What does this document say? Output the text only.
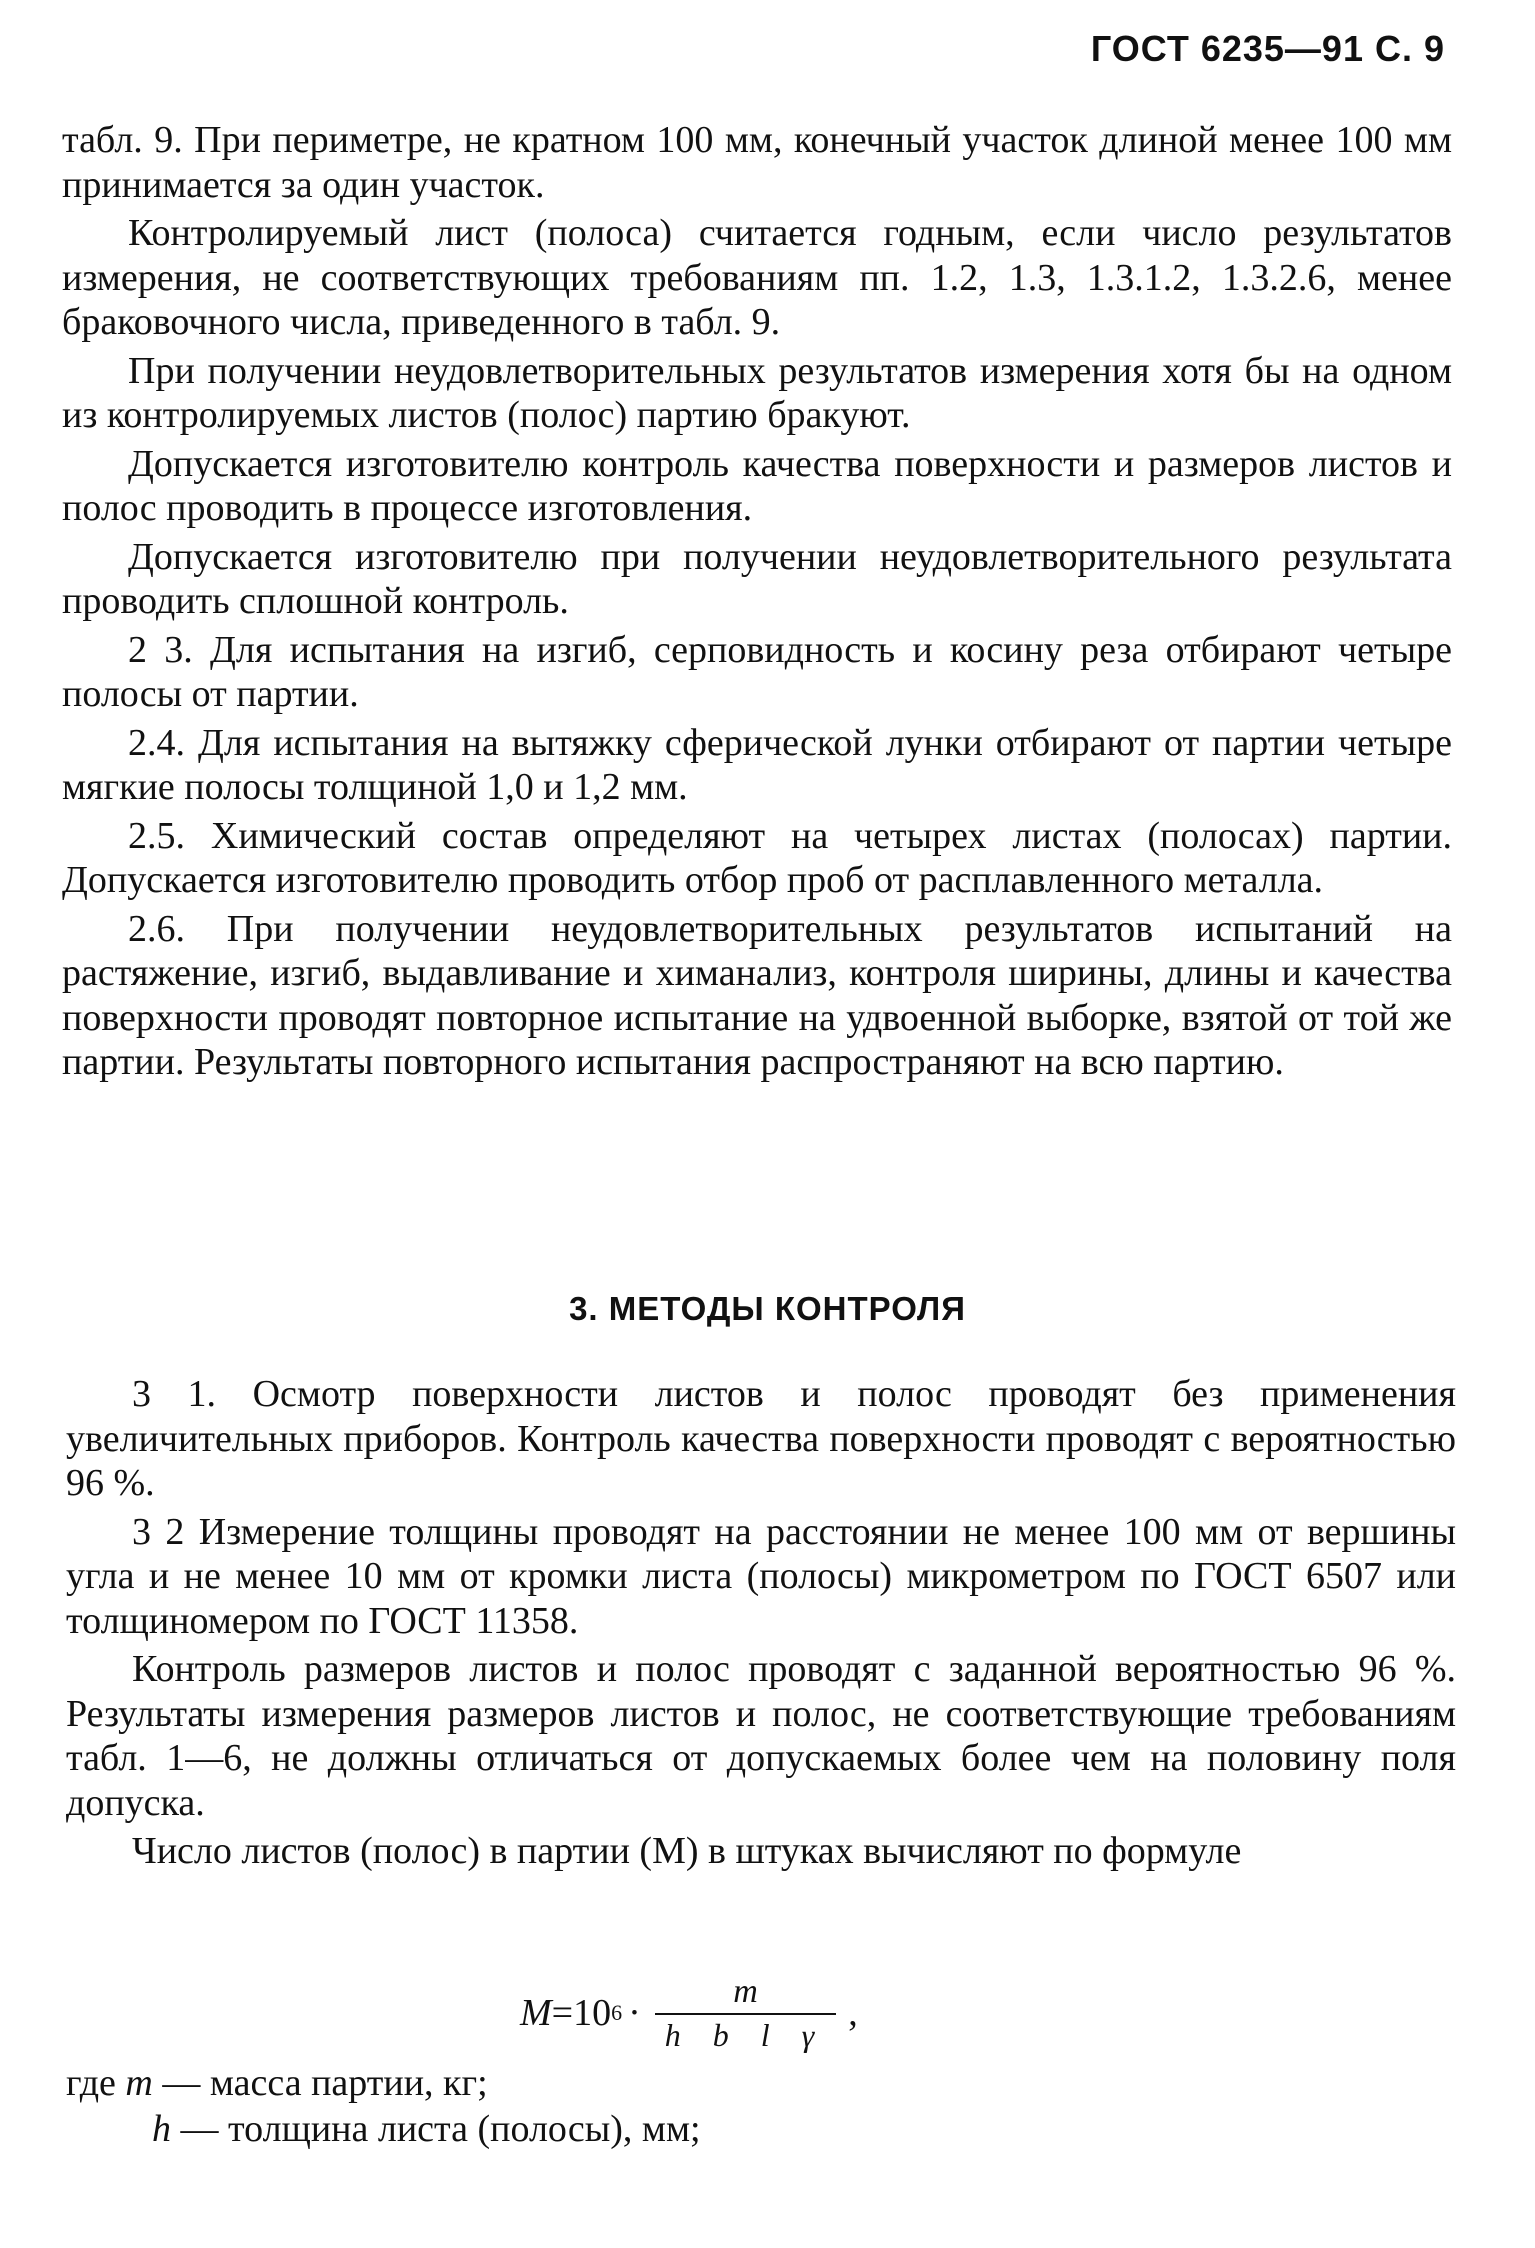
ГОСТ 6235—91 С. 9

табл. 9. При периметре, не кратном 100 мм, конечный участок длиной менее 100 мм принимается за один участок.

Контролируемый лист (полоса) считается годным, если число результатов измерения, не соответствующих требованиям пп. 1.2, 1.3, 1.3.1.2, 1.3.2.6, менее браковочного числа, приведенного в табл. 9.

При получении неудовлетворительных результатов измерения хотя бы на одном из контролируемых листов (полос) партию бракуют.

Допускается изготовителю контроль качества поверхности и размеров листов и полос проводить в процессе изготовления.

Допускается изготовителю при получении неудовлетворительного результата проводить сплошной контроль.

2 3. Для испытания на изгиб, серповидность и косину реза отбирают четыре полосы от партии.

2.4. Для испытания на вытяжку сферической лунки отбирают от партии четыре мягкие полосы толщиной 1,0 и 1,2 мм.

2.5. Химический состав определяют на четырех листах (полосах) партии. Допускается изготовителю проводить отбор проб от расплавленного металла.

2.6. При получении неудовлетворительных результатов испытаний на растяжение, изгиб, выдавливание и химанализ, контроля ширины, длины и качества поверхности проводят повторное испытание на удвоенной выборке, взятой от той же партии. Результаты повторного испытания распространяют на всю партию.

3. МЕТОДЫ КОНТРОЛЯ

3 1. Осмотр поверхности листов и полос проводят без применения увеличительных приборов. Контроль качества поверхности проводят с вероятностью 96 %.

3 2 Измерение толщины проводят на расстоянии не менее 100 мм от вершины угла и не менее 10 мм от кромки листа (полосы) микрометром по ГОСТ 6507 или толщиномером по ГОСТ 11358.

Контроль размеров листов и полос проводят с заданной вероятностью 96 %. Результаты измерения размеров листов и полос, не соответствующие требованиям табл. 1—6, не должны отличаться от допускаемых более чем на половину поля допуска.

Число листов (полос) в партии (M) в штуках вычисляют по формуле

M =10 $6 \cdot \frac{m}{\text{h b l γ}}$ ,
где m — масса партии, кг;
h — толщина листа (полосы), мм;
